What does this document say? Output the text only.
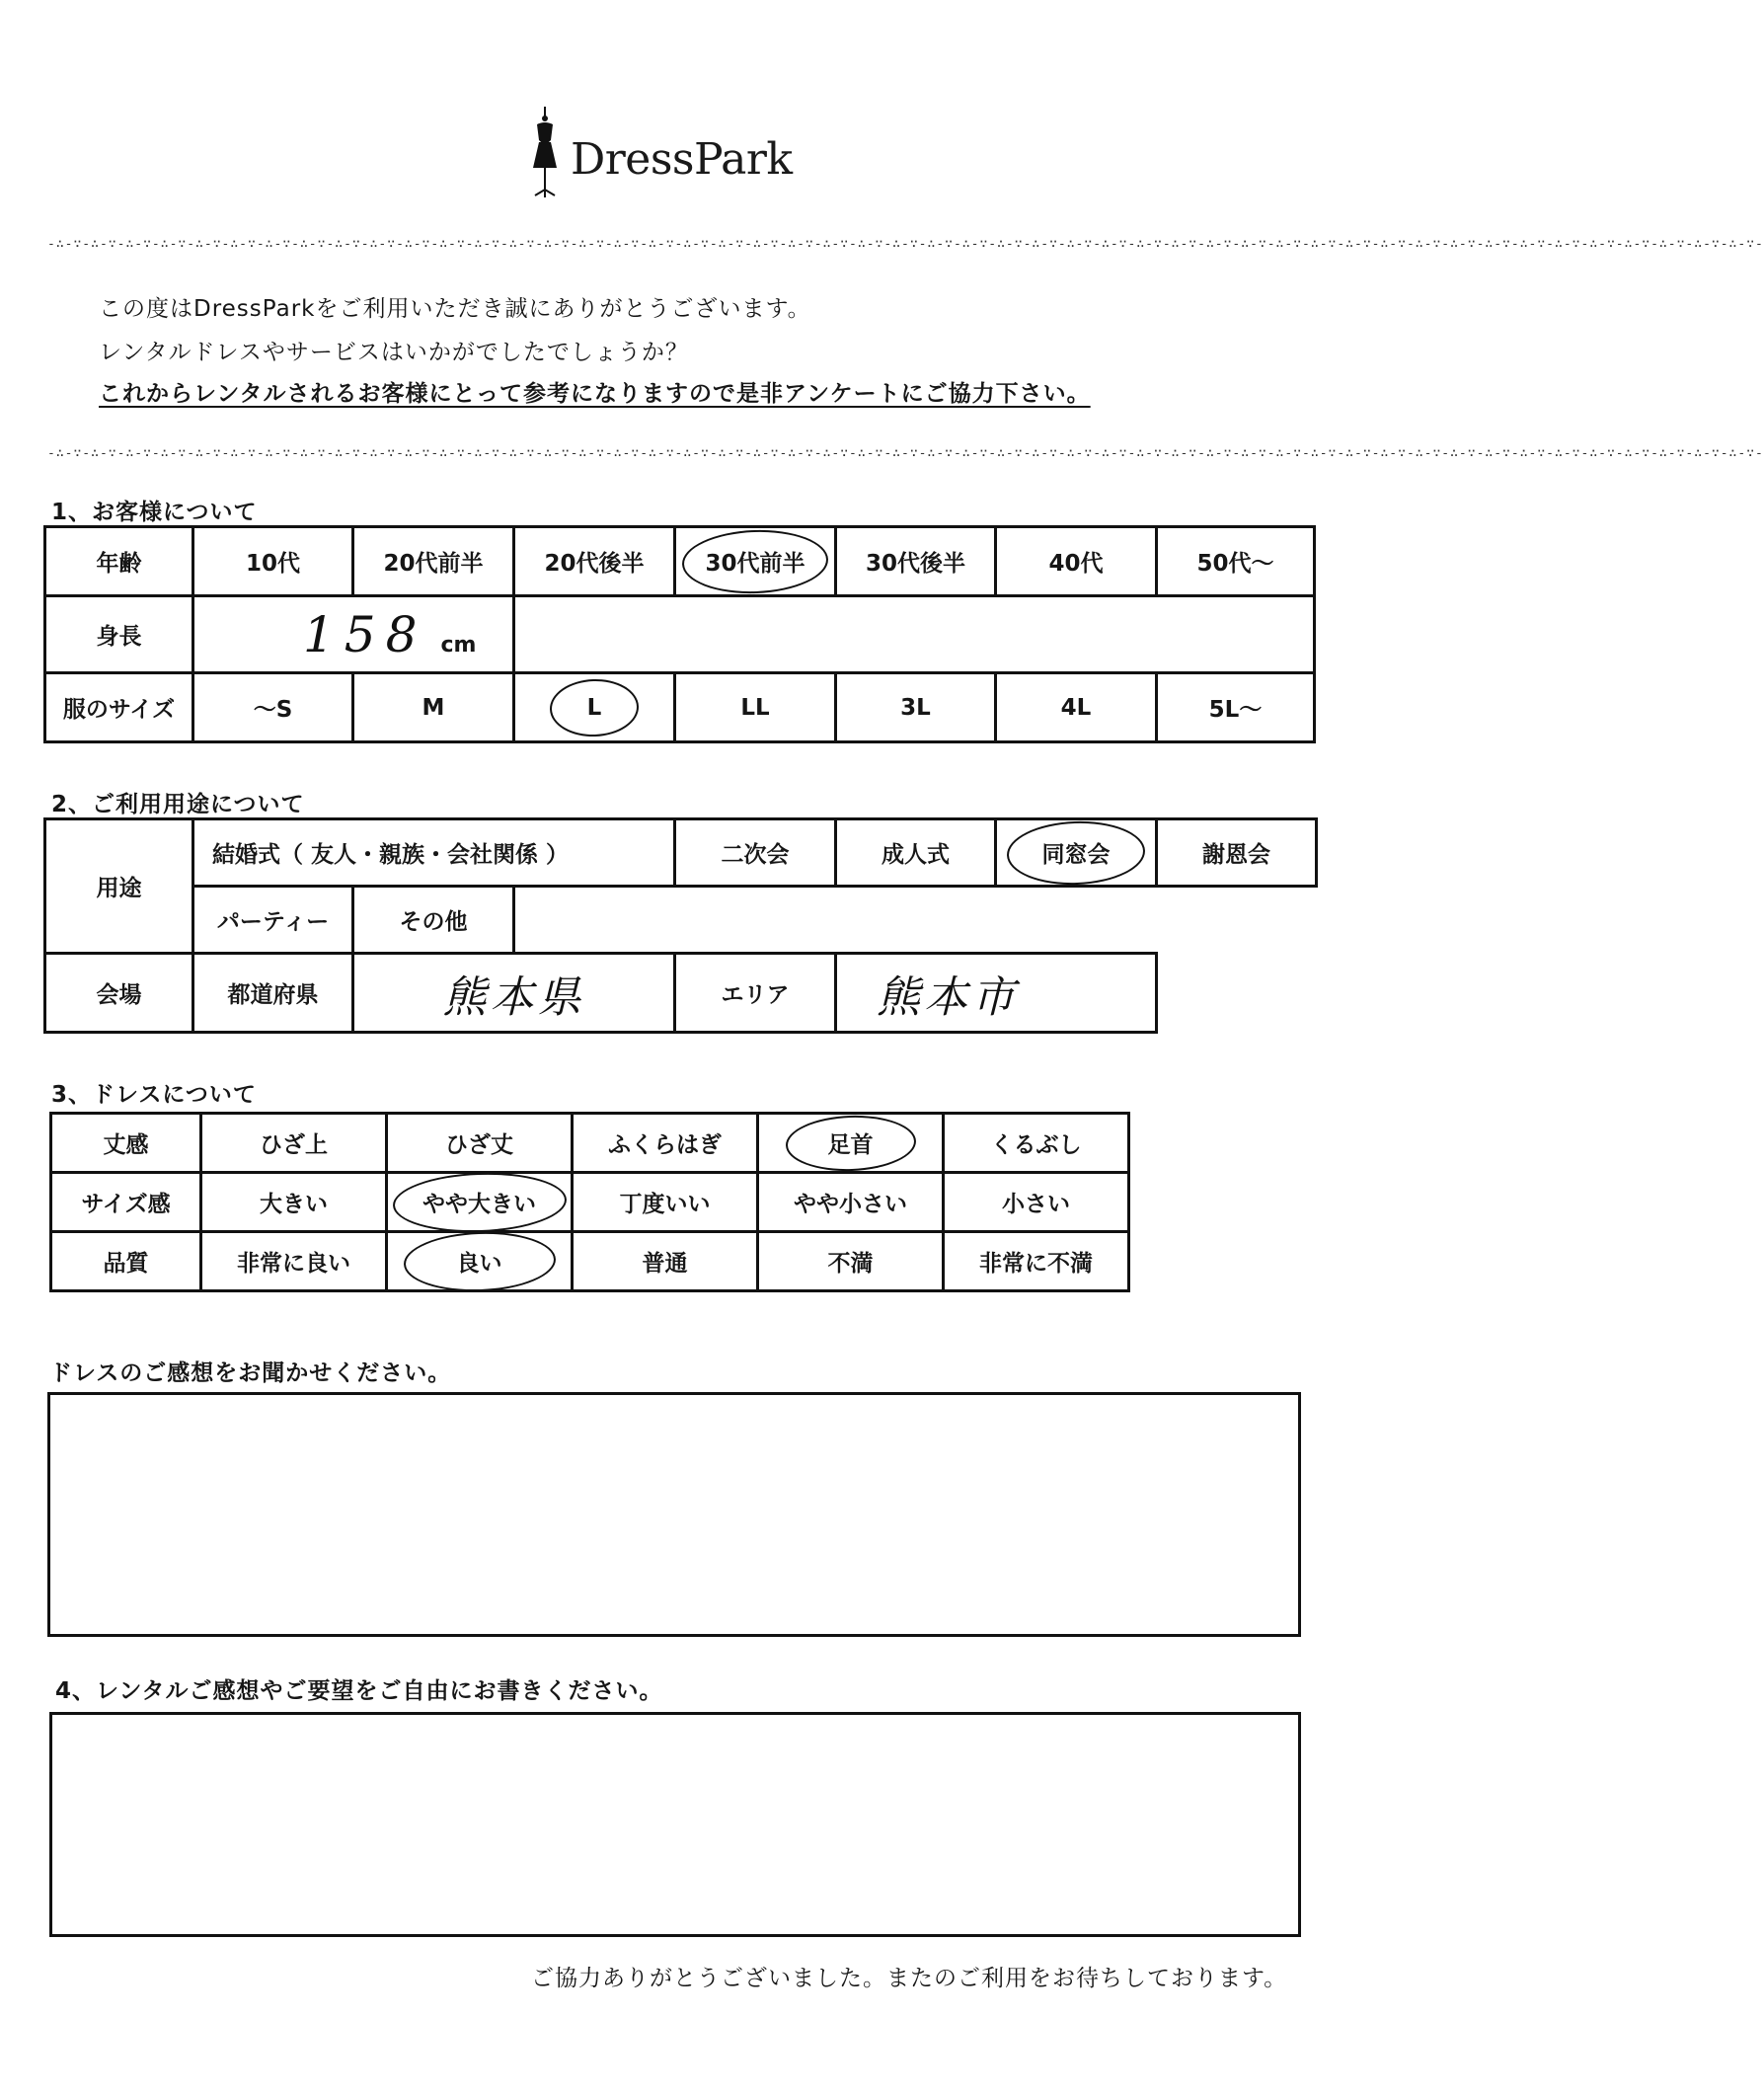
DressPark
-∴-∵-∴-∵-∴-∵-∴-∵-∴-∵-∴-∵-∴-∵-∴-∵-∴-∵-∴-∵-∴-∵-∴-∵-∴-∵-∴-∵-∴-∵-∴-∵-∴-∵-∴-∵-∴-∵-∴-∵-∴-∵-∴-∵-∴-∵-∴-∵-∴-∵-∴-∵-∴-∵-∴-∵-∴-∵-∴-∵-∴-∵-∴-∵-∴-∵-∴-∵-∴-∵-∴-∵-∴-∵-∴-∵-∴-∵-∴-∵-∴-∵-∴-∵-∴-∵-∴-∵-∴-∵-∴-∵-∴-∵-∴-∵-∴-∵-
この度はDressParkをご利用いただき誠にありがとうございます。
レンタルドレスやサービスはいかがでしたでしょうか？
これからレンタルされるお客様にとって参考になりますので是非アンケートにご協力下さい。
-∴-∵-∴-∵-∴-∵-∴-∵-∴-∵-∴-∵-∴-∵-∴-∵-∴-∵-∴-∵-∴-∵-∴-∵-∴-∵-∴-∵-∴-∵-∴-∵-∴-∵-∴-∵-∴-∵-∴-∵-∴-∵-∴-∵-∴-∵-∴-∵-∴-∵-∴-∵-∴-∵-∴-∵-∴-∵-∴-∵-∴-∵-∴-∵-∴-∵-∴-∵-∴-∵-∴-∵-∴-∵-∴-∵-∴-∵-∴-∵-∴-∵-∴-∵-∴-∵-∴-∵-∴-∵-∴-∵-∴-∵-∴-∵-∴-∵-
1、お客様について
年齢	10代	20代前半	20代後半	30代前半	30代後半	40代	50代～
身長	158 cm						
服のサイズ	～S	M	L	LL	3L	4L	5L～
2、ご利用用途について
用途	結婚式（ 友人・親族・会社関係 ）			二次会	成人式	同窓会	謝恩会
	パーティー	その他					
会場	都道府県	熊本県		エリア	熊本市		
3、ドレスについて
丈感	ひざ上	ひざ丈	ふくらはぎ	足首	くるぶし
サイズ感	大きい	やや大きい	丁度いい	やや小さい	小さい
品質	非常に良い	良い	普通	不満	非常に不満
ドレスのご感想をお聞かせください。
4、レンタルご感想やご要望をご自由にお書きください。
ご協力ありがとうございました。またのご利用をお待ちしております。
